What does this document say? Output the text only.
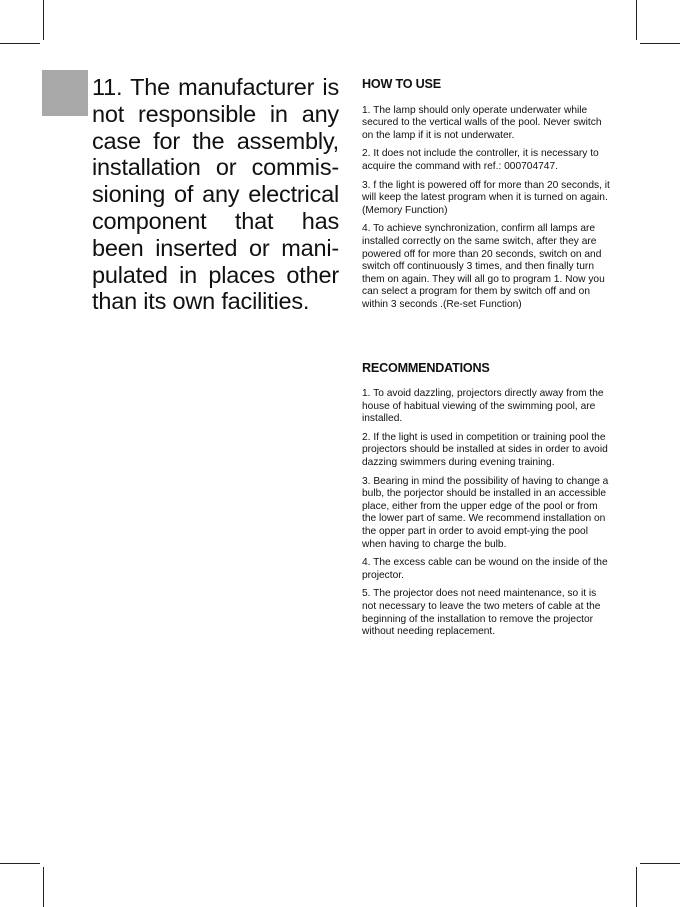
11. The manufacturer is not responsible in any case for the assembly, installation or commis-sioning of any electrical component that has been inserted or mani-pulated in places other than its own facilities.
HOW TO USE

1. The lamp should only operate underwater while secured to the vertical walls of the pool. Never switch on the lamp if it is not underwater.

2. It does not include the controller, it is necessary to acquire the command with ref.: 000704747.

3. f the light is powered off for more than 20 seconds, it will keep the latest program when it is turned on again.(Memory Function)

4. To achieve synchronization, confirm all lamps are installed correctly on the same switch, after they are powered off for more than 20 seconds, switch on and switch off continuously 3 times, and then finally turn them on again. They will all go to program 1. Now you can select a program for them by switch off and on within 3 seconds .(Re-set Function)

RECOMMENDATIONS

1. To avoid dazzling, projectors directly away from the house of habitual viewing of the swimming pool, are installed.

2. If the light is used in competition or training pool the projectors should be installed at sides in order to avoid dazzing swimmers during evening training.

3. Bearing in mind the possibility of having to change a bulb, the porjector should be installed in an accessible place, either from the upper edge of the pool or from the lower part of same. We recommend installation on the opper part in order to avoid empt-ying the pool when having to charge the bulb.

4. The excess cable can be wound on the inside of the projector.

5. The projector does not need maintenance, so it is not necessary to leave the two meters of cable at the beginning of the installation to remove the projector without needing replacement.
